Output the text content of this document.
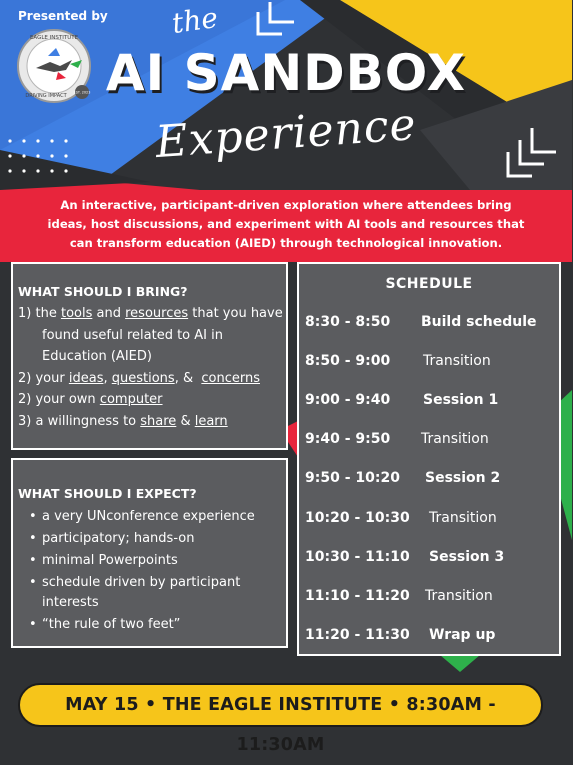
Presented by
EAGLE INSTITUTE
DRIVING IMPACT
EST. 2023
the
AI SANDBOX
Experience
An interactive, participant-driven exploration where attendees bring
ideas, host discussions, and experiment with AI tools and resources that
can transform education (AIED) through technological innovation.
WHAT SHOULD I BRING?
1) the tools and resources that you have found useful related to AI in Education (AIED)
2) your ideas, questions, & concerns
2) your own computer
3) a willingness to share & learn
WHAT SHOULD I EXPECT?
• a very UNconference experience
• participatory; hands-on
• minimal Powerpoints
• schedule driven by participant interests
• “the rule of two feet”
SCHEDULE
8:30 - 8:50 Build schedule
8:50 - 9:00 Transition
9:00 - 9:40 Session 1
9:40 - 9:50 Transition
9:50 - 10:20 Session 2
10:20 - 10:30 Transition
10:30 - 11:10 Session 3
11:10 - 11:20 Transition
11:20 - 11:30 Wrap up
MAY 15 • THE EAGLE INSTITUTE • 8:30AM - 11:30AM
